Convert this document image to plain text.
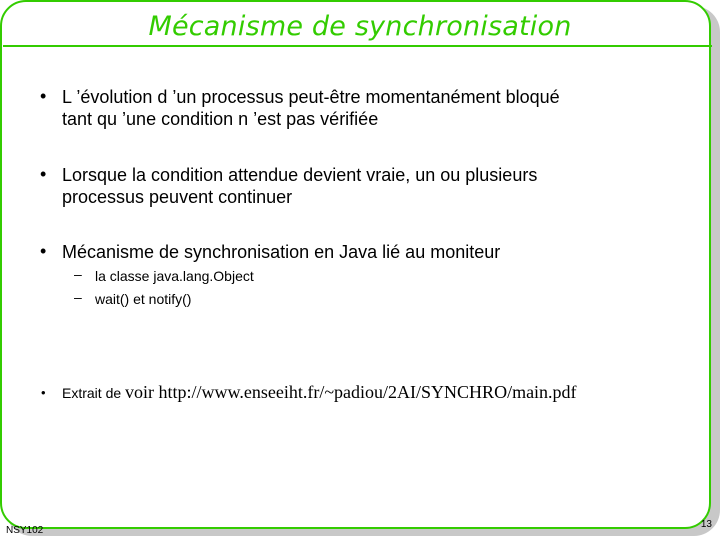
Mécanisme de synchronisation
• L ’évolution d ’un processus peut-être momentanément bloqué
tant qu ’une condition n ’est pas vérifiée
• Lorsque la condition attendue devient vraie, un ou plusieurs
processus peuvent continuer
• Mécanisme de synchronisation en Java lié au moniteur
– la classe java.lang.Object
– wait() et notify()
• Extrait de voir http://www.enseeiht.fr/~padiou/2AI/SYNCHRO/main.pdf
NSY102
13
